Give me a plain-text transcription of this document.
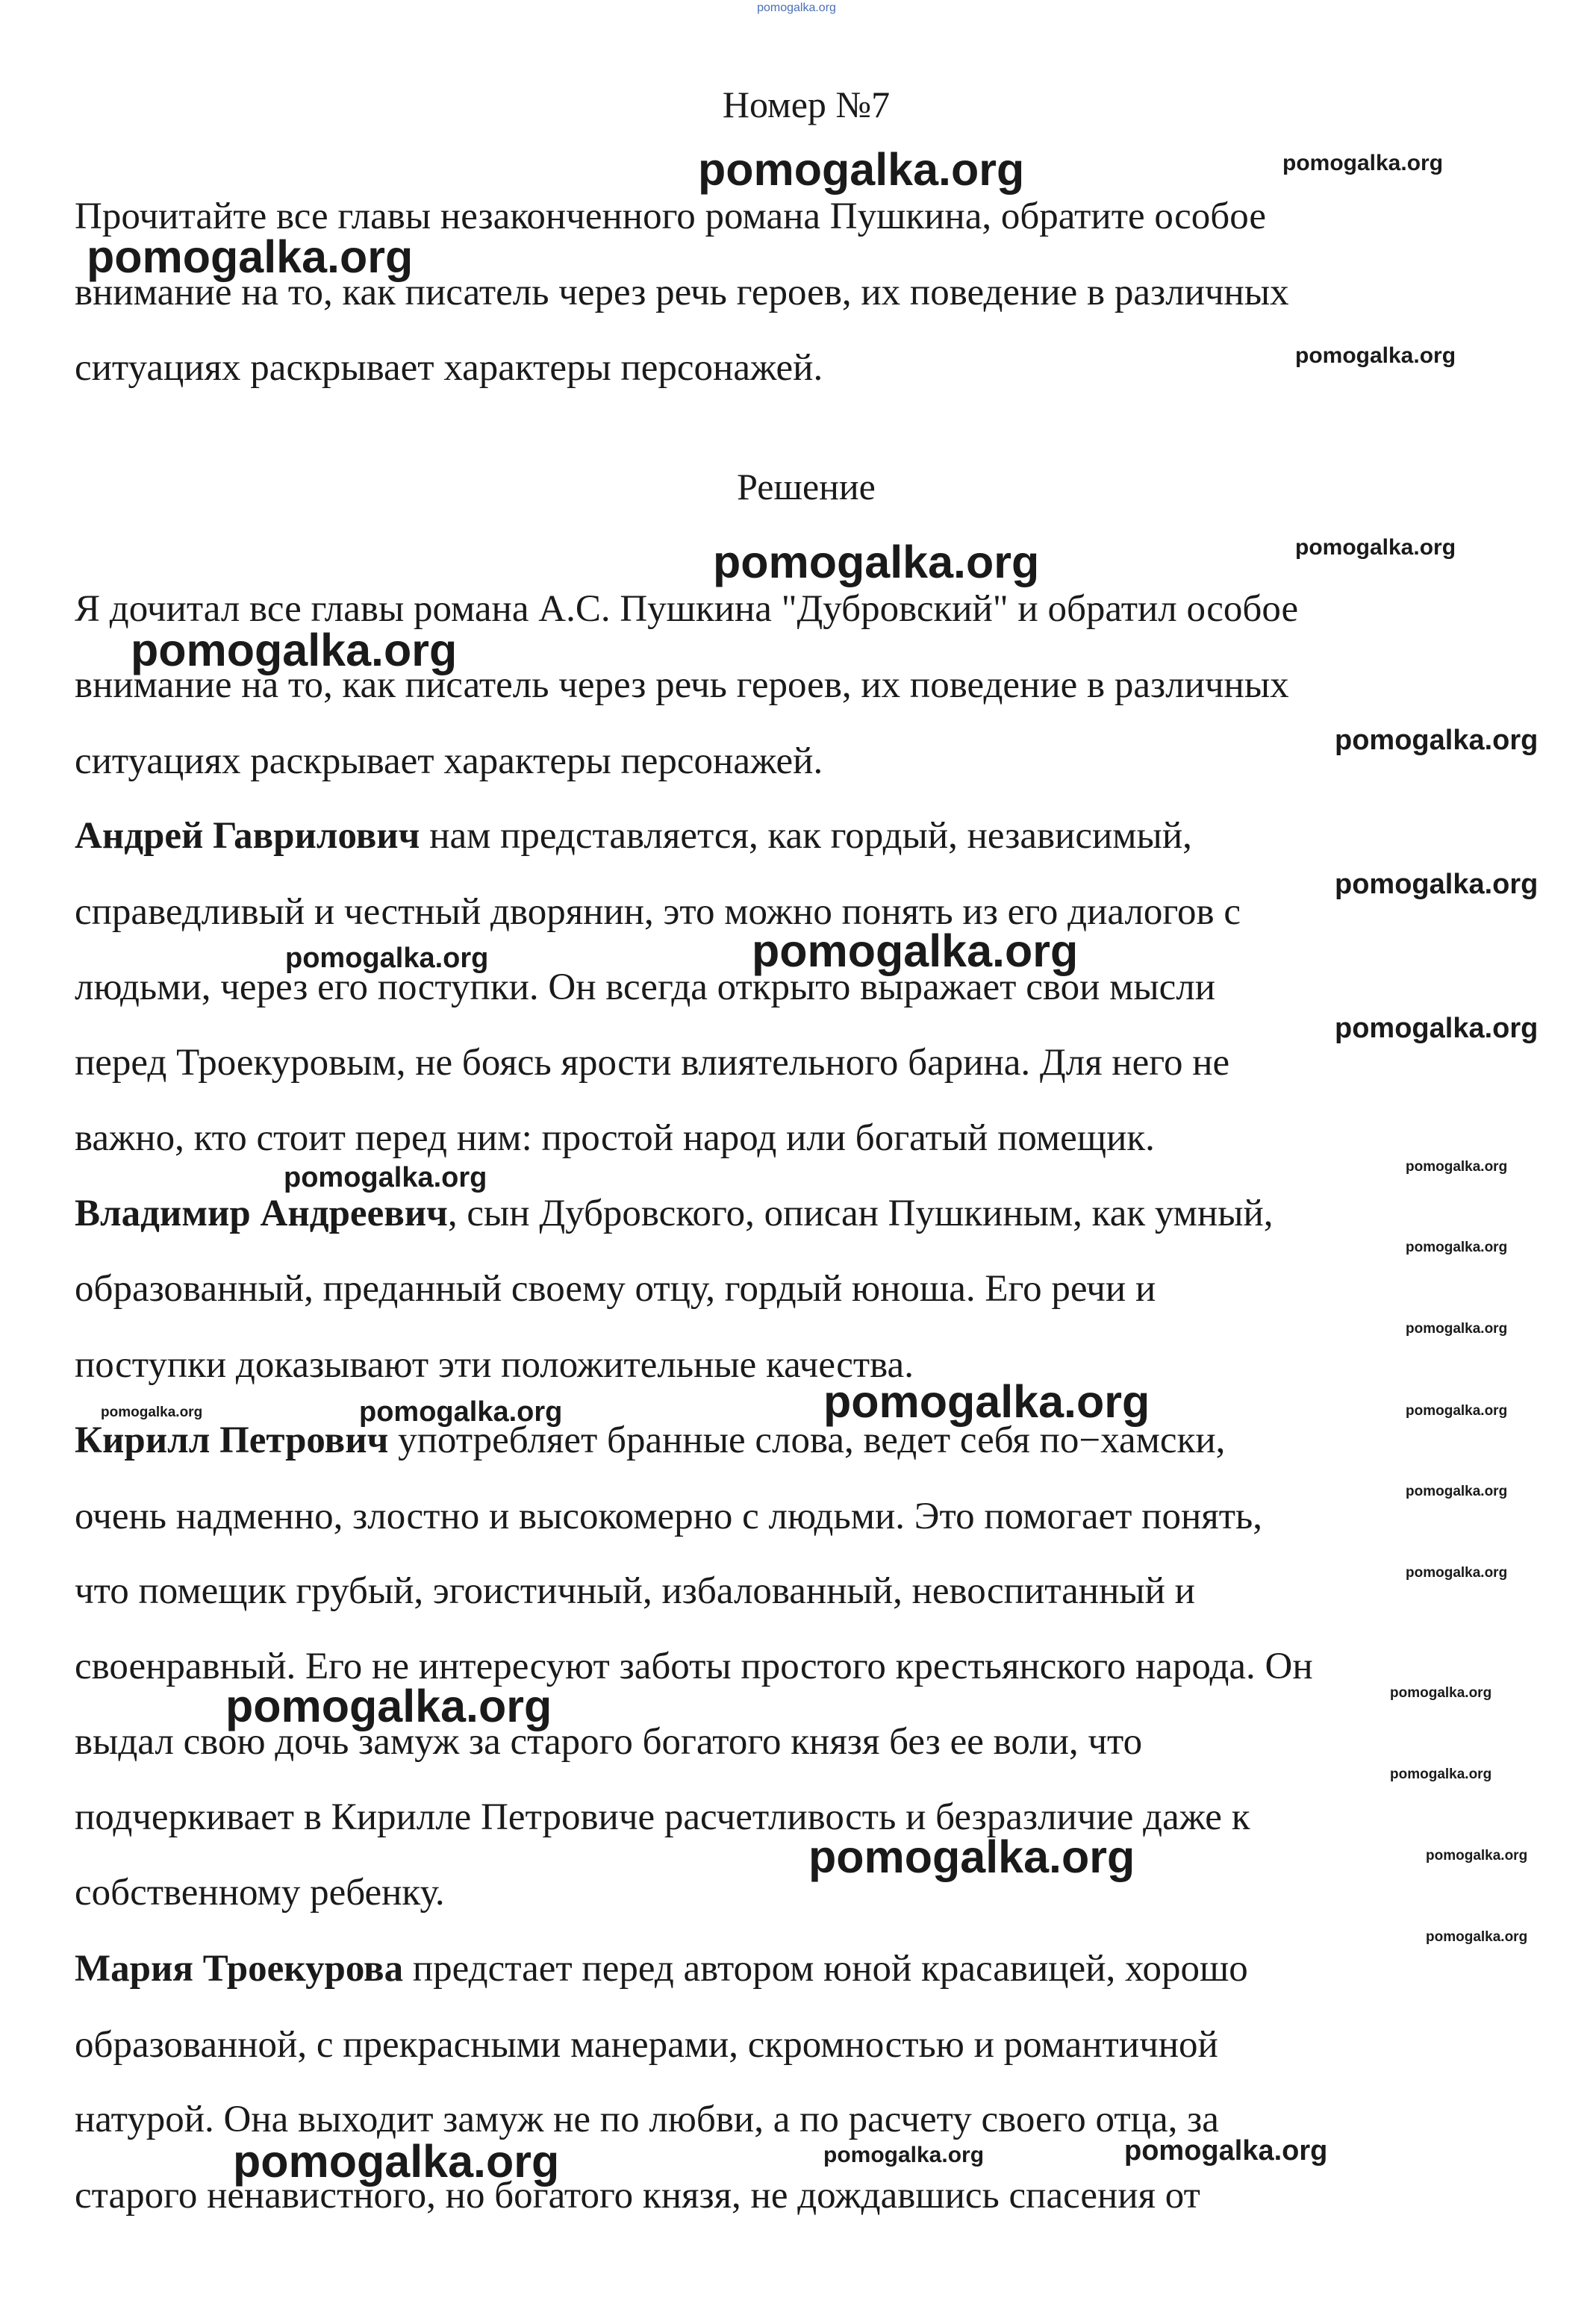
pomogalka.org
Номер №7
Прочитайте все главы незаконченного романа Пушкина, обратите особое
внимание на то, как писатель через речь героев, их поведение в различных
ситуациях раскрывает характеры персонажей.
Решение
Я дочитал все главы романа А.С. Пушкина "Дубровский" и обратил особое
внимание на то, как писатель через речь героев, их поведение в различных
ситуациях раскрывает характеры персонажей.
Андрей Гаврилович нам представляется, как гордый, независимый,
справедливый и честный дворянин, это можно понять из его диалогов с
людьми, через его поступки. Он всегда открыто выражает свои мысли
перед Троекуровым, не боясь ярости влиятельного барина. Для него не
важно, кто стоит перед ним: простой народ или богатый помещик.
Владимир Андреевич, сын Дубровского, описан Пушкиным, как умный,
образованный, преданный своему отцу, гордый юноша. Его речи и
поступки доказывают эти положительные качества.
Кирилл Петрович употребляет бранные слова, ведет себя по−хамски,
очень надменно, злостно и высокомерно с людьми. Это помогает понять,
что помещик грубый, эгоистичный, избалованный, невоспитанный и
своенравный. Его не интересуют заботы простого крестьянского народа. Он
выдал свою дочь замуж за старого богатого князя без ее воли, что
подчеркивает в Кирилле Петровиче расчетливость и безразличие даже к
собственному ребенку.
Мария Троекурова предстает перед автором юной красавицей, хорошо
образованной, с прекрасными манерами, скромностью и романтичной
натурой. Она выходит замуж не по любви, а по расчету своего отца, за
старого ненавистного, но богатого князя, не дождавшись спасения от
pomogalka.org	pomogalka.org
pomogalka.org
pomogalka.org
pomogalka.org	pomogalka.org
pomogalka.org
pomogalka.org
pomogalka.org
pomogalka.org
pomogalka.org
pomogalka.org
pomogalka.org
pomogalka.org
pomogalka.org
pomogalka.org
pomogalka.org	pomogalka.org	pomogalka.org	pomogalka.org
pomogalka.org
pomogalka.org
pomogalka.org	pomogalka.org
pomogalka.org
pomogalka.org	pomogalka.org
pomogalka.org
pomogalka.org	pomogalka.org	pomogalka.org
